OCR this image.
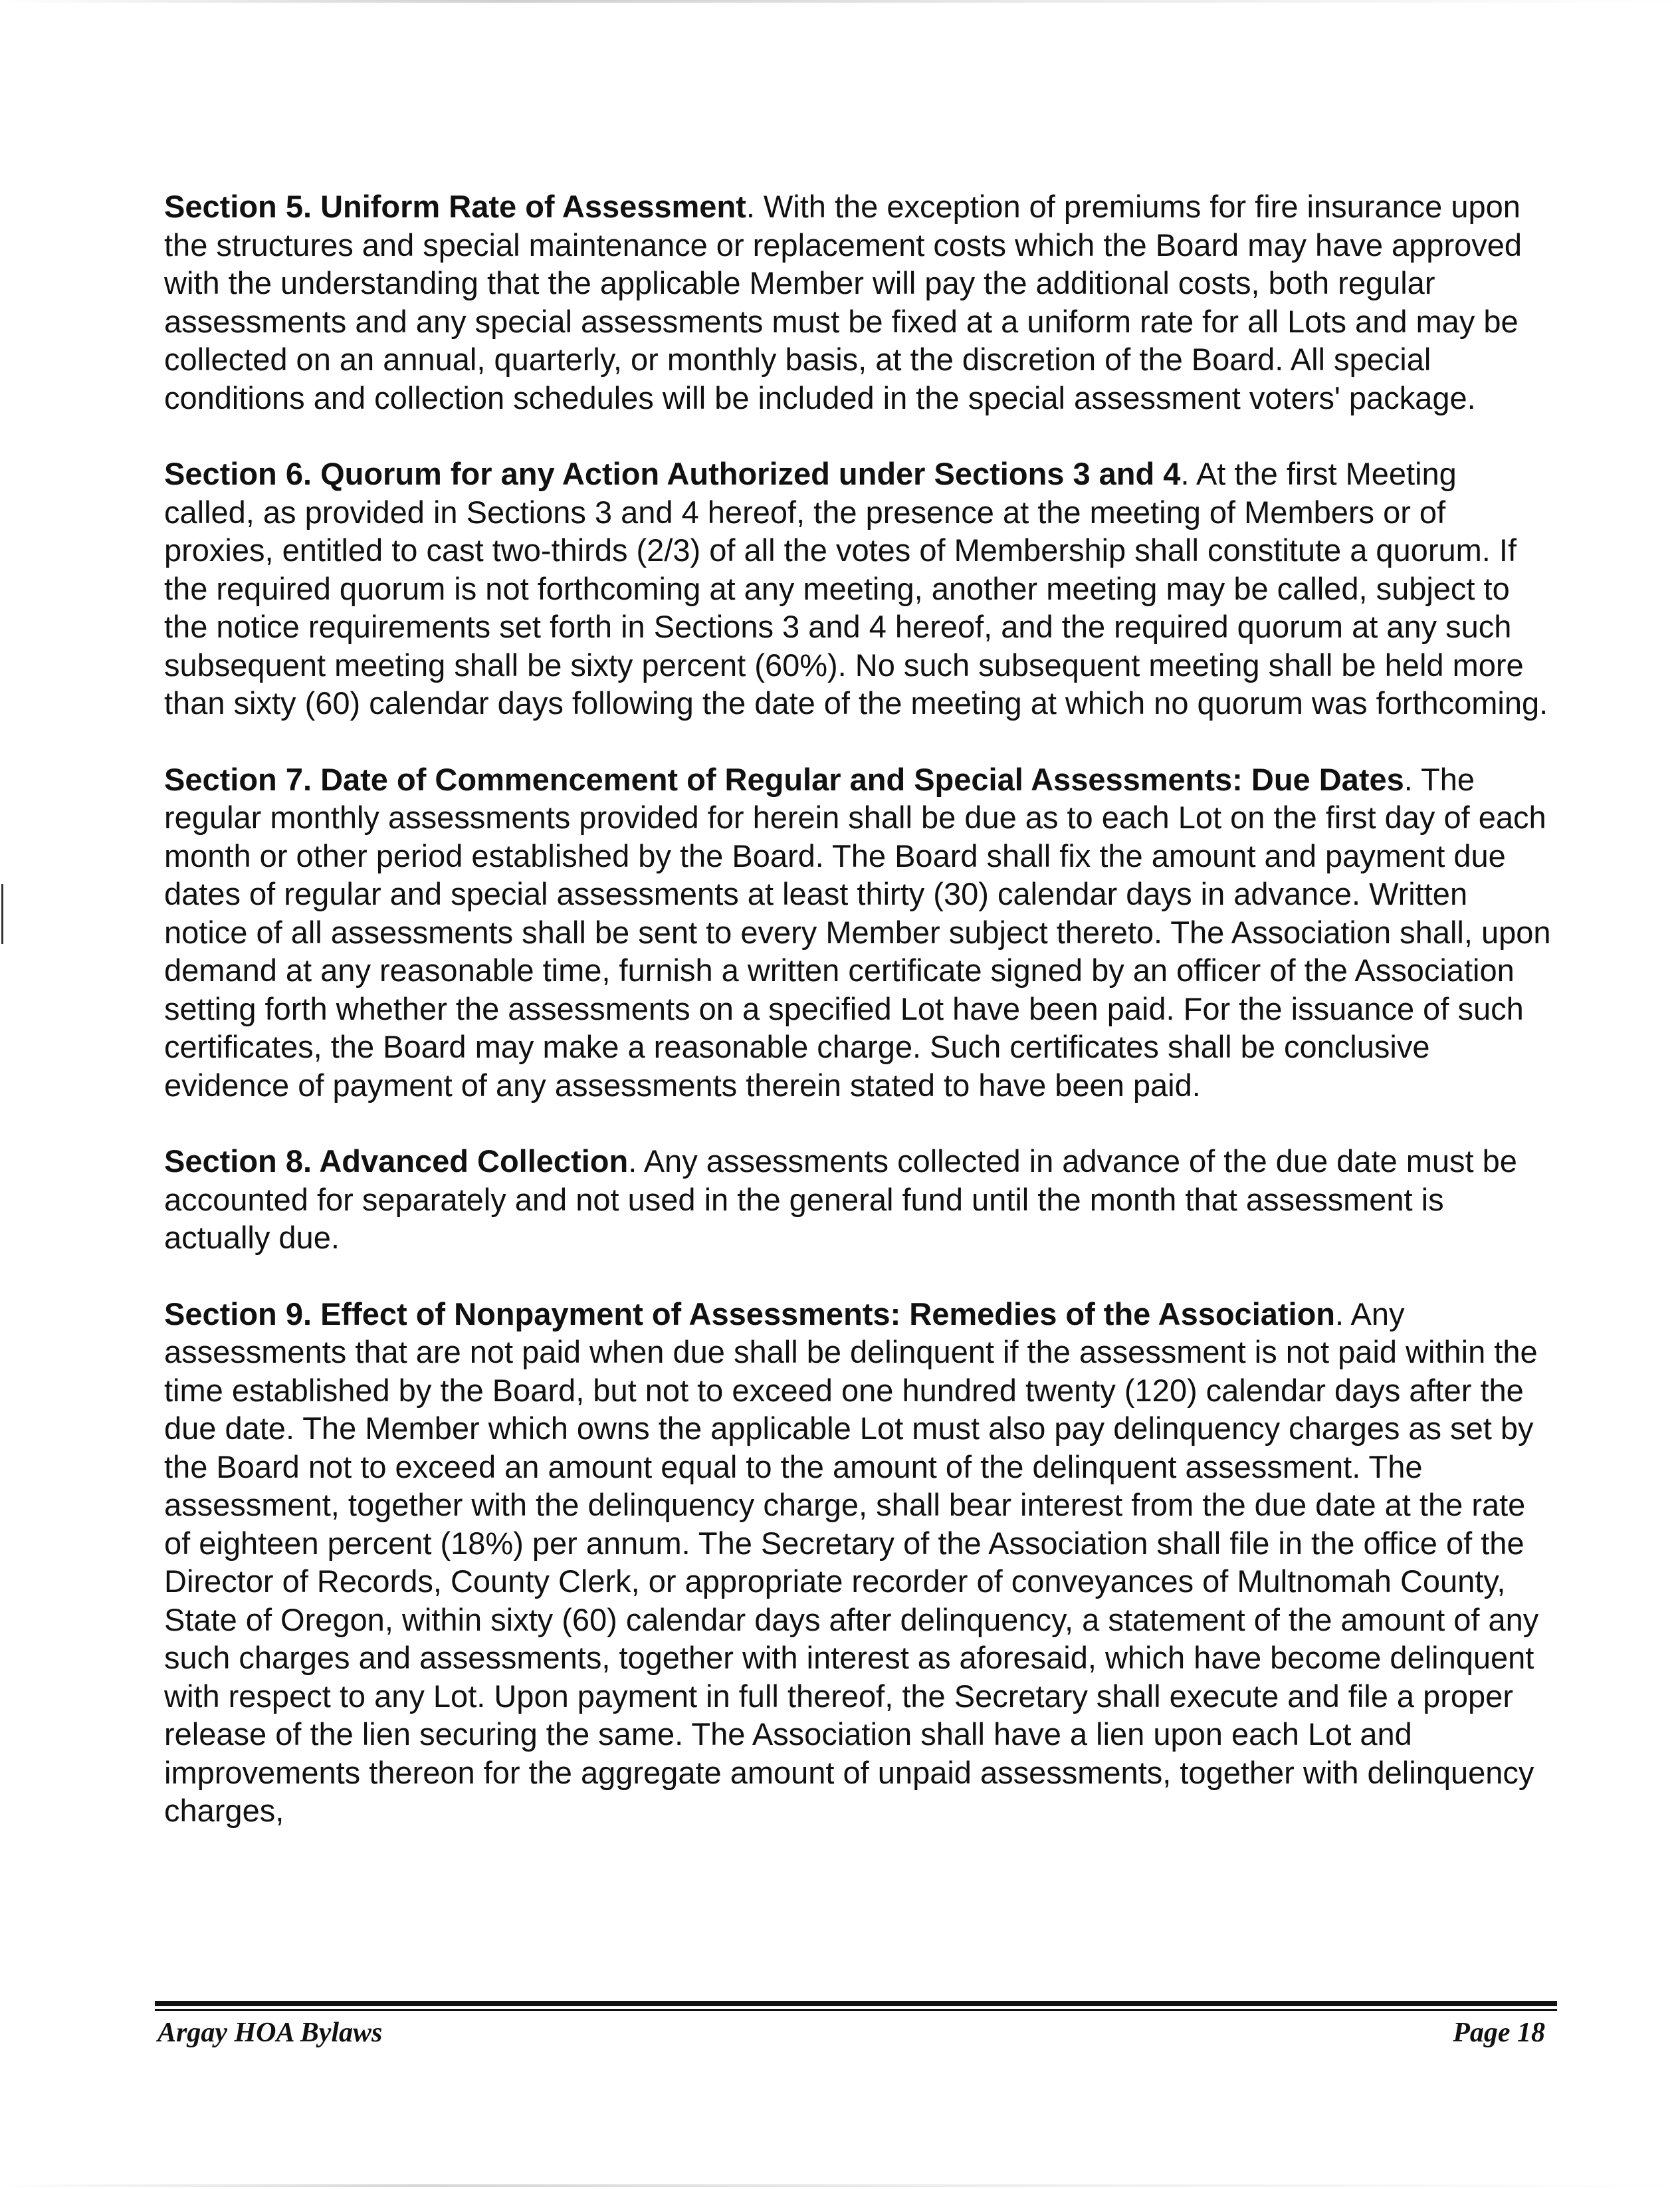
Section 5. Uniform Rate of Assessment. With the exception of premiums for fire insurance upon the structures and special maintenance or replacement costs which the Board may have approved with the understanding that the applicable Member will pay the additional costs, both regular assessments and any special assessments must be fixed at a uniform rate for all Lots and may be collected on an annual, quarterly, or monthly basis, at the discretion of the Board. All special conditions and collection schedules will be included in the special assessment voters' package.

Section 6. Quorum for any Action Authorized under Sections 3 and 4. At the first Meeting called, as provided in Sections 3 and 4 hereof, the presence at the meeting of Members or of proxies, entitled to cast two-thirds (2/3) of all the votes of Membership shall constitute a quorum. If the required quorum is not forthcoming at any meeting, another meeting may be called, subject to the notice requirements set forth in Sections 3 and 4 hereof, and the required quorum at any such subsequent meeting shall be sixty percent (60%). No such subsequent meeting shall be held more than sixty (60) calendar days following the date of the meeting at which no quorum was forthcoming.

Section 7. Date of Commencement of Regular and Special Assessments: Due Dates. The regular monthly assessments provided for herein shall be due as to each Lot on the first day of each month or other period established by the Board. The Board shall fix the amount and payment due dates of regular and special assessments at least thirty (30) calendar days in advance. Written notice of all assessments shall be sent to every Member subject thereto. The Association shall, upon demand at any reasonable time, furnish a written certificate signed by an officer of the Association setting forth whether the assessments on a specified Lot have been paid. For the issuance of such certificates, the Board may make a reasonable charge. Such certificates shall be conclusive evidence of payment of any assessments therein stated to have been paid.

Section 8. Advanced Collection. Any assessments collected in advance of the due date must be accounted for separately and not used in the general fund until the month that assessment is actually due.

Section 9. Effect of Nonpayment of Assessments: Remedies of the Association. Any assessments that are not paid when due shall be delinquent if the assessment is not paid within the time established by the Board, but not to exceed one hundred twenty (120) calendar days after the due date. The Member which owns the applicable Lot must also pay delinquency charges as set by the Board not to exceed an amount equal to the amount of the delinquent assessment. The assessment, together with the delinquency charge, shall bear interest from the due date at the rate of eighteen percent (18%) per annum. The Secretary of the Association shall file in the office of the Director of Records, County Clerk, or appropriate recorder of conveyances of Multnomah County, State of Oregon, within sixty (60) calendar days after delinquency, a statement of the amount of any such charges and assessments, together with interest as aforesaid, which have become delinquent with respect to any Lot. Upon payment in full thereof, the Secretary shall execute and file a proper release of the lien securing the same. The Association shall have a lien upon each Lot and improvements thereon for the aggregate amount of unpaid assessments, together with delinquency charges,

Argay HOA Bylaws	Page 18
